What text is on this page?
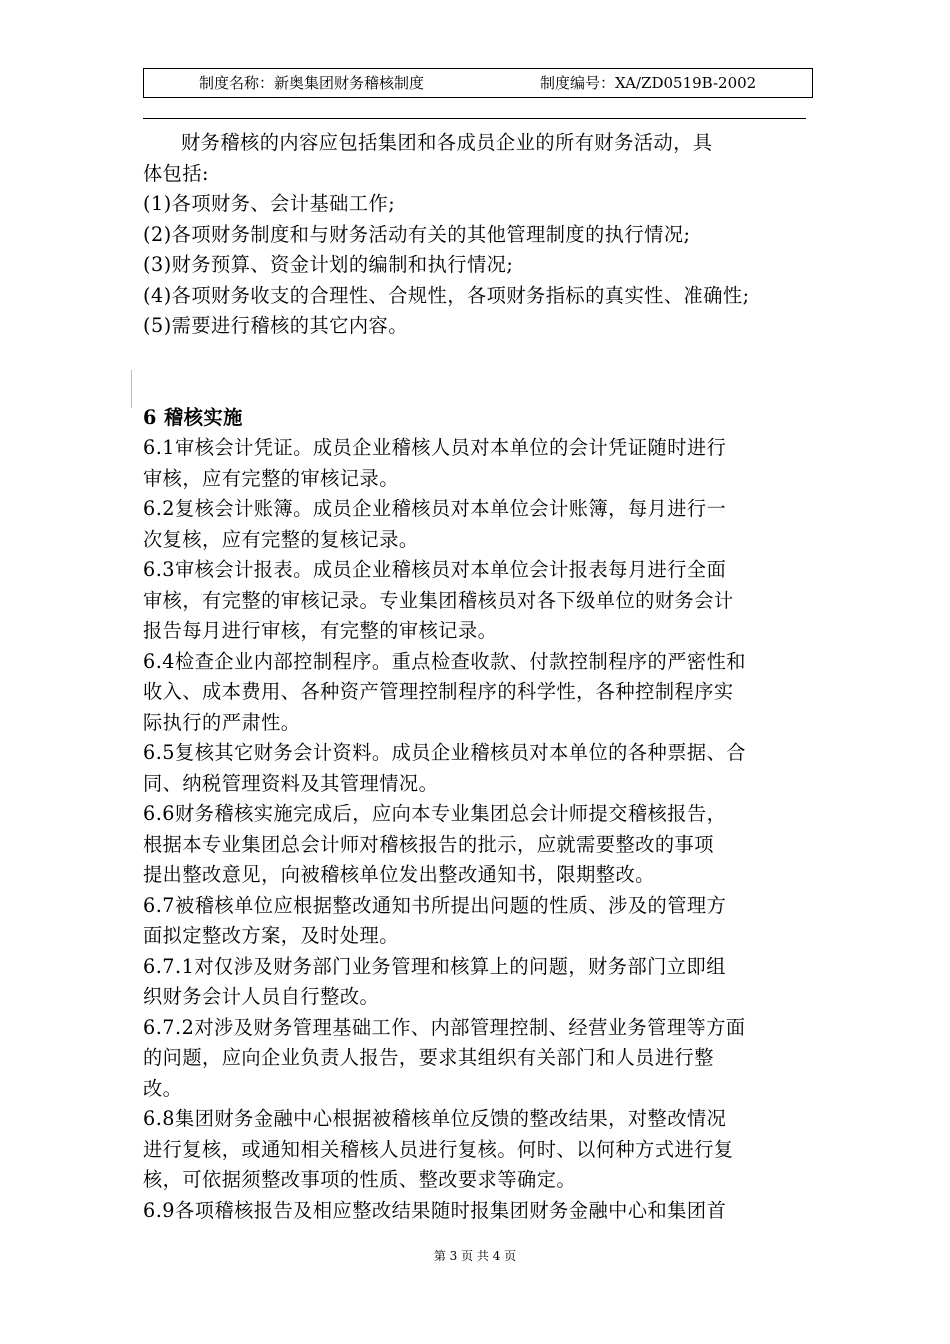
制度名称：新奥集团财务稽核制度	制度编号：XA/ZD0519B-2002

财务稽核的内容应包括集团和各成员企业的所有财务活动，具

体包括:

(1)各项财务、会计基础工作;

(2)各项财务制度和与财务活动有关的其他管理制度的执行情况;

(3)财务预算、资金计划的编制和执行情况;

(4)各项财务收支的合理性、合规性，各项财务指标的真实性、准确性;

(5)需要进行稽核的其它内容。

6 稽核实施

6.1审核会计凭证。成员企业稽核人员对本单位的会计凭证随时进行

审核，应有完整的审核记录。

6.2复核会计账簿。成员企业稽核员对本单位会计账簿，每月进行一

次复核，应有完整的复核记录。

6.3审核会计报表。成员企业稽核员对本单位会计报表每月进行全面

审核，有完整的审核记录。专业集团稽核员对各下级单位的财务会计

报告每月进行审核，有完整的审核记录。

6.4检查企业内部控制程序。重点检查收款、付款控制程序的严密性和

收入、成本费用、各种资产管理控制程序的科学性，各种控制程序实

际执行的严肃性。

6.5复核其它财务会计资料。成员企业稽核员对本单位的各种票据、合

同、纳税管理资料及其管理情况。

6.6财务稽核实施完成后，应向本专业集团总会计师提交稽核报告，

根据本专业集团总会计师对稽核报告的批示，应就需要整改的事项

提出整改意见，向被稽核单位发出整改通知书，限期整改。

6.7被稽核单位应根据整改通知书所提出问题的性质、涉及的管理方

面拟定整改方案，及时处理。

6.7.1对仅涉及财务部门业务管理和核算上的问题，财务部门立即组

织财务会计人员自行整改。

6.7.2对涉及财务管理基础工作、内部管理控制、经营业务管理等方面

的问题，应向企业负责人报告，要求其组织有关部门和人员进行整

改。

6.8集团财务金融中心根据被稽核单位反馈的整改结果，对整改情况

进行复核，或通知相关稽核人员进行复核。何时、以何种方式进行复

核，可依据须整改事项的性质、整改要求等确定。

6.9各项稽核报告及相应整改结果随时报集团财务金融中心和集团首

第 3 页 共 4 页
